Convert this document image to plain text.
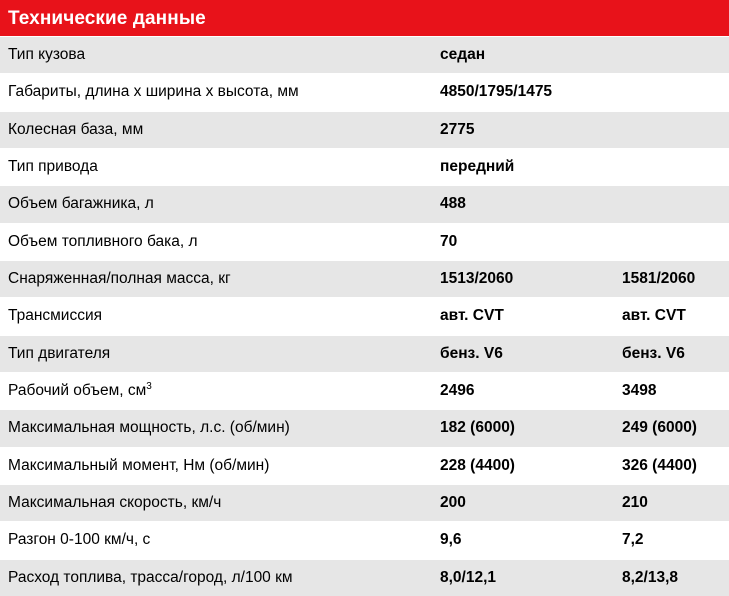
Технические данные
Тип кузова	седан
Габариты, длина х ширина х высота, мм	4850/1795/1475
Колесная база, мм	2775
Тип привода	передний
Объем багажника, л	488
Объем топливного бака, л	70
Снаряженная/полная масса, кг	1513/2060	1581/2060
Трансмиссия	авт. CVT	авт. CVT
Тип двигателя	бенз. V6	бенз. V6
Рабочий объем, $см^3$	2496	3498
Максимальная мощность, л.с. (об/мин)	182 (6000)	249 (6000)
Максимальный момент, Нм (об/мин)	228 (4400)	326 (4400)
Максимальная скорость, км/ч	200	210
Разгон 0-100 км/ч, с	9,6	7,2
Расход топлива, трасса/город, л/100 км	8,0/12,1	8,2/13,8
